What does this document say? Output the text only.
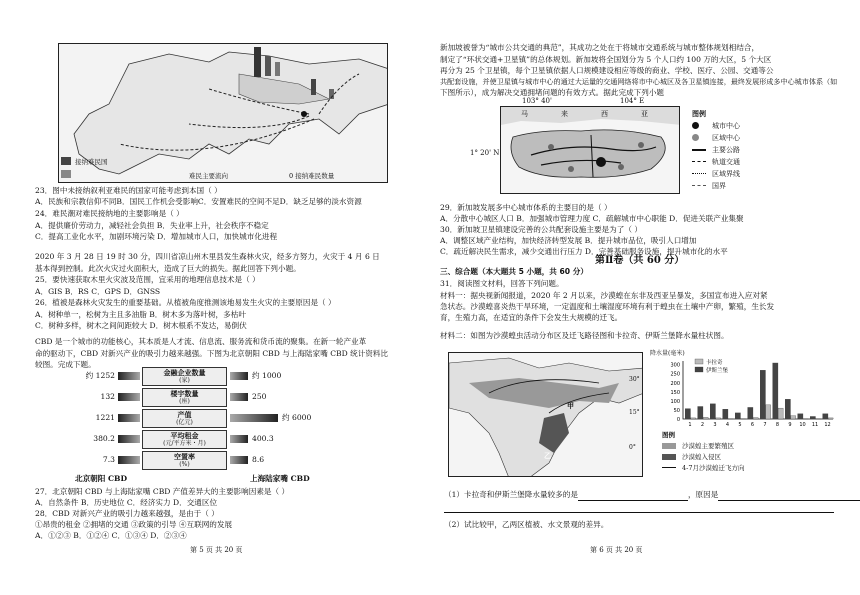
接纳难民国
难民主要流向	0 接纳难民数量
23．图中未接纳叙利亚难民的国家可能考虑到本国（ ）
A．民族和宗教信仰不同B．国民工作机会受影响C．安置难民的空间不足D．缺乏足够的淡水资源
24．难民潮对难民接纳地的主要影响是（ ）
A．提供廉价劳动力，减轻社会负担 B．失业率上升，社会秩序不稳定
C．提高工业化水平，加剧环境污染 D．增加城市人口，加快城市化进程
2020 年 3 月 28 日 19 时 30 分，四川省凉山州木里县发生森林火灾，经多方努力，火灾于 4 月 6 日
基本得到控制。此次火灾过火面积大，造成了巨大的损失。据此回答下列小题。
25．要快速获取木里火灾波及范围，宜采用的地理信息技术是（ ）
A．GIS B．RS C．GPS D．GNSS
26．植被是森林火灾发生的重要基础。从植被角度推测该地易发生火灾的主要原因是（ ）
A．树种单一，松树为主且多油脂 B．树木多为落叶树，多枯叶
C．树种多样，树木之间间距较大 D．树木根系不发达，易倒伏
CBD 是一个城市的功能核心，其本质是人才流、信息流、服务流和货币流的聚集。在新一轮产业革
命的驱动下，CBD 对新兴产业的吸引力越来越强。下图为北京朝阳 CBD 与上海陆家嘴 CBD 统计资料比
较图。完成下题。
约 1252	金融企业数量
(家)
约 1000
132	楼宇数量
(座)
250
1221	产值
(亿元)
约 6000
380.2	平均租金
(元/平方米・月)
400.3
7.3	空置率
(%)
8.6
北京朝阳 CBD	上海陆家嘴 CBD
27．北京朝阳 CBD 与上海陆家嘴 CBD 产值差异大的主要影响因素是（ ）
A．自然条件 B．历史地位 C．经济实力 D．交通区位
28．CBD 对新兴产业的吸引力越来越强，是由于（ ）
①昂贵的租金 ②拥堵的交通 ③政策的引导 ④互联网的发展
A．①②③ B．①②④ C．①③④ D．②③④
第 5 页 共 20 页
新加坡被誉为“城市公共交通的典范”，其成功之处在于将城市交通系统与城市整体规划相结合，
制定了“环状交通+卫星镇”的总体规划。新加坡将全国划分为 5 个人口约 100 万的大区，5 个大区
再分为 25 个卫星镇，每个卫星镇依据人口规模建设相应等级的商业、学校、医疗、公园、交通等公
共配套设施，并使卫星镇与城市中心的通过大运量的交通网络将市中心城区及各卫星镇连接，最终发展形成多中心城市体系（如
下图所示），成为解决交通拥堵问题的有效方式。据此完成下列小题
103° 40'	104° E
1° 20' N
马	来	西	亚	图例
城市中心
区域中心
主要公路
轨道交通
区域界线
国界
29．新加坡发展多中心城市体系的主要目的是（ ）
A．分散中心城区人口 B．加强城市管理力度 C．疏解城市中心职能 D．促进关联产业集聚
30．新加坡卫星镇建设完善的公共配套设施主要是为了（ ）
A．调整区域产业结构，加快经济转型发展 B．提升城市品位，吸引人口增加
C．疏近解决民生需求，减少交通出行压力 D．完善基础服务设施，提升城市化的水平
第Ⅱ卷（共 60 分）
三、综合题（本大题共 5 小题，共 60 分）
31．阅读图文材料，回答下列问题。
材料一：据央视新闻报道，2020 年 2 月以来，沙漠蝗在东非及西亚呈暴发，多国宣布进入应对紧
急状态。沙漠蝗喜炎热干旱环境，一定温度和土壤湿度环境有利于蝗虫在土壤中产卵，繁殖，生长发
育，生殖力高，在适宜的条件下会发生大规模的迁飞。
材料二：如图为沙漠蝗虫活动分布区及迁飞路径图和卡拉奇、伊斯兰堡降水量柱状图。
30°
15°
0°
甲
乙
降水量(毫米)
300
250
200
150
100
50
0
1 2 3 4 5 6 7 8 9 10 11 12
卡拉奇
伊斯兰堡
图例
沙漠蝗主要繁殖区
沙漠蝗入侵区
4-7月沙漠蝗迁飞方向
（1）卡拉奇和伊斯兰堡降水量较多的是	，原因是
（2）试比较甲，乙两区植被、水文景观的差异。
第 6 页 共 20 页
